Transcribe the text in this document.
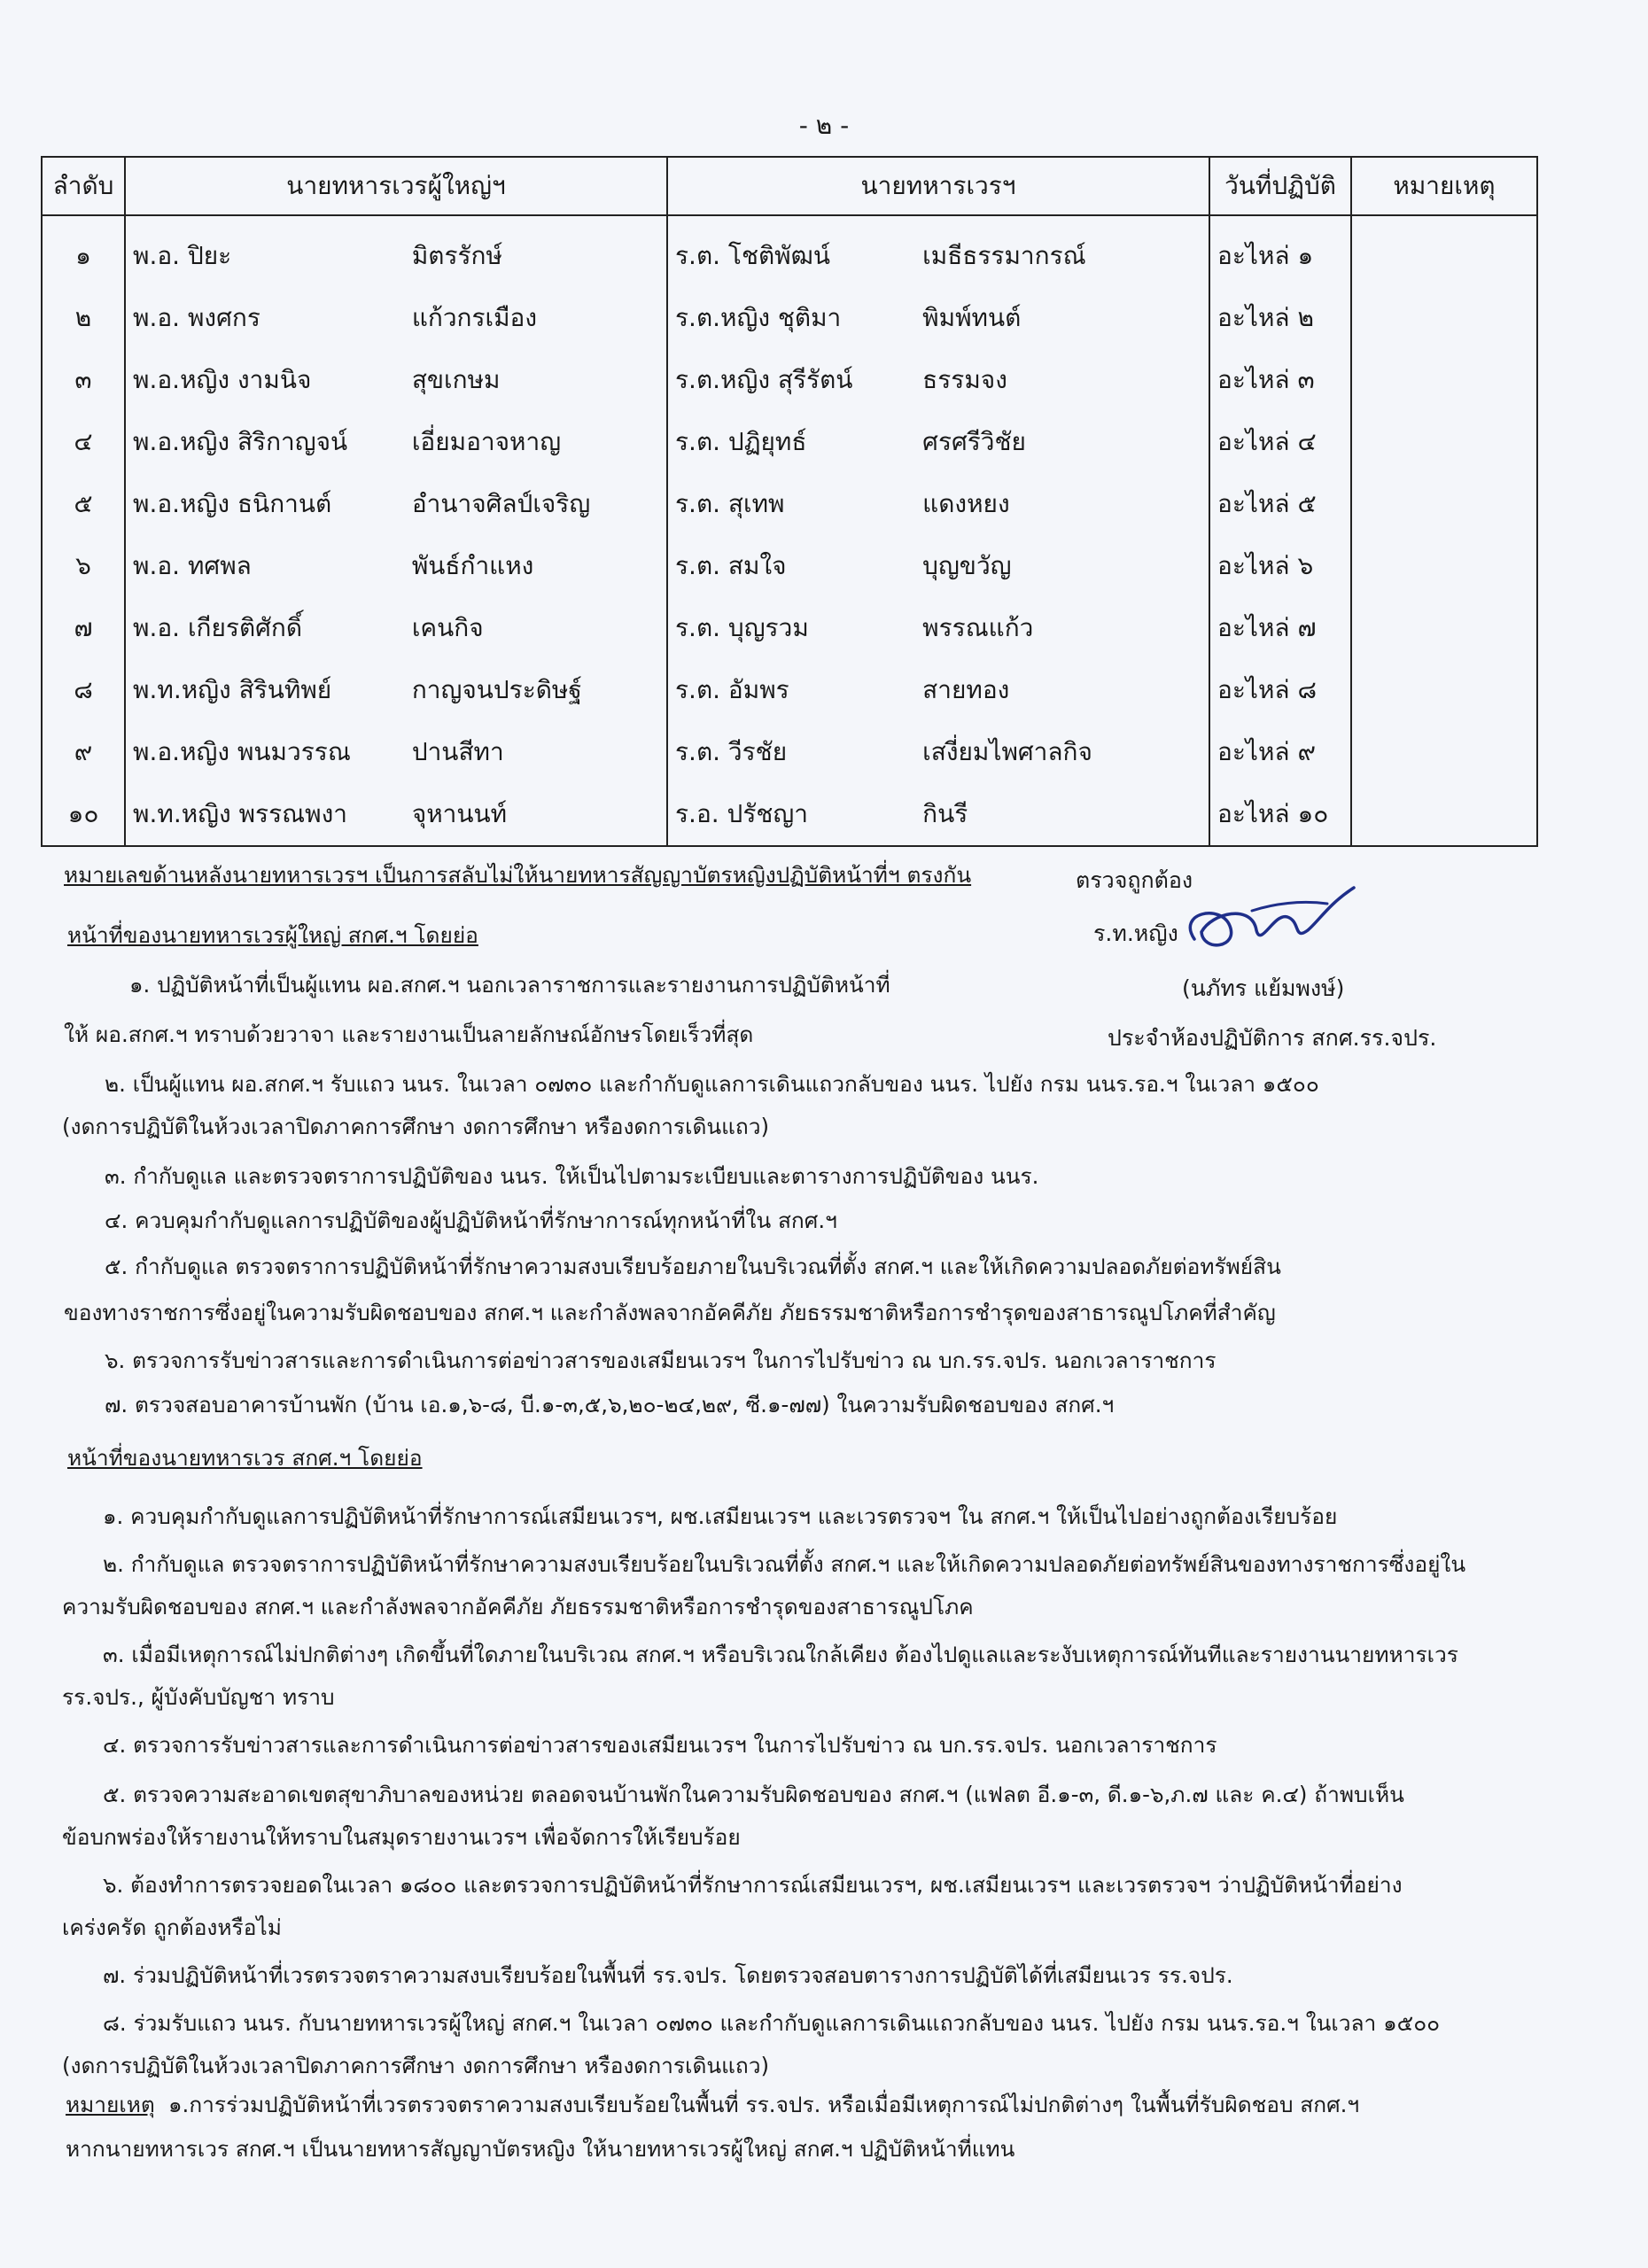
- ๒ -
ลำดับ	นายทหารเวรผู้ใหญ่ฯ	นายทหารเวรฯ	วันที่ปฏิบัติ	หมายเหตุ
๑	พ.อ. ปิยะ มิตรรักษ์	ร.ต. โชติพัฒน์ เมธีธรรมากรณ์	อะไหล่ ๑	
๒	พ.อ. พงศกร แก้วกรเมือง	ร.ต.หญิง ชุติมา พิมพ์ทนต์	อะไหล่ ๒	
๓	พ.อ.หญิง งามนิจ สุขเกษม	ร.ต.หญิง สุรีรัตน์ ธรรมจง	อะไหล่ ๓	
๔	พ.อ.หญิง สิริกาญจน์ เอี่ยมอาจหาญ	ร.ต. ปฏิยุทธ์ ศรศรีวิชัย	อะไหล่ ๔	
๕	พ.อ.หญิง ธนิกานต์ อำนาจศิลป์เจริญ	ร.ต. สุเทพ แดงหยง	อะไหล่ ๕	
๖	พ.อ. ทศพล พันธ์กำแหง	ร.ต. สมใจ บุญขวัญ	อะไหล่ ๖	
๗	พ.อ. เกียรติศักดิ์ เคนกิจ	ร.ต. บุญรวม พรรณแก้ว	อะไหล่ ๗	
๘	พ.ท.หญิง สิรินทิพย์ กาญจนประดิษฐ์	ร.ต. อัมพร สายทอง	อะไหล่ ๘	
๙	พ.อ.หญิง พนมวรรณ ปานสีทา	ร.ต. วีรชัย เสงี่ยมไพศาลกิจ	อะไหล่ ๙	
๑๐	พ.ท.หญิง พรรณพงา จุหานนท์	ร.อ. ปรัชญา กินรี	อะไหล่ ๑๐	
หมายเลขด้านหลังนายทหารเวรฯ เป็นการสลับไม่ให้นายทหารสัญญาบัตรหญิงปฏิบัติหน้าที่ฯ ตรงกัน	ตรวจถูกต้อง
ร.ท.หญิง
(นภัทร แย้มพงษ์)
ประจำห้องปฏิบัติการ สกศ.รร.จปร.
หน้าที่ของนายทหารเวรผู้ใหญ่ สกศ.ฯ โดยย่อ
๑. ปฏิบัติหน้าที่เป็นผู้แทน ผอ.สกศ.ฯ นอกเวลาราชการและรายงานการปฏิบัติหน้าที่
ให้ ผอ.สกศ.ฯ ทราบด้วยวาจา และรายงานเป็นลายลักษณ์อักษรโดยเร็วที่สุด
๒. เป็นผู้แทน ผอ.สกศ.ฯ รับแถว นนร. ในเวลา ๐๗๓๐ และกำกับดูแลการเดินแถวกลับของ นนร. ไปยัง กรม นนร.รอ.ฯ ในเวลา ๑๕๐๐
(งดการปฏิบัติในห้วงเวลาปิดภาคการศึกษา งดการศึกษา หรืองดการเดินแถว)
๓. กำกับดูแล และตรวจตราการปฏิบัติของ นนร. ให้เป็นไปตามระเบียบและตารางการปฏิบัติของ นนร.
๔. ควบคุมกำกับดูแลการปฏิบัติของผู้ปฏิบัติหน้าที่รักษาการณ์ทุกหน้าที่ใน สกศ.ฯ
๕. กำกับดูแล ตรวจตราการปฏิบัติหน้าที่รักษาความสงบเรียบร้อยภายในบริเวณที่ตั้ง สกศ.ฯ และให้เกิดความปลอดภัยต่อทรัพย์สิน
ของทางราชการซึ่งอยู่ในความรับผิดชอบของ สกศ.ฯ และกำลังพลจากอัคคีภัย ภัยธรรมชาติหรือการชำรุดของสาธารณูปโภคที่สำคัญ
๖. ตรวจการรับข่าวสารและการดำเนินการต่อข่าวสารของเสมียนเวรฯ ในการไปรับข่าว ณ บก.รร.จปร. นอกเวลาราชการ
๗. ตรวจสอบอาคารบ้านพัก (บ้าน เอ.๑,๖-๘, บี.๑-๓,๕,๖,๒๐-๒๔,๒๙, ซี.๑-๗๗) ในความรับผิดชอบของ สกศ.ฯ
หน้าที่ของนายทหารเวร สกศ.ฯ โดยย่อ
๑. ควบคุมกำกับดูแลการปฏิบัติหน้าที่รักษาการณ์เสมียนเวรฯ, ผช.เสมียนเวรฯ และเวรตรวจฯ ใน สกศ.ฯ ให้เป็นไปอย่างถูกต้องเรียบร้อย
๒. กำกับดูแล ตรวจตราการปฏิบัติหน้าที่รักษาความสงบเรียบร้อยในบริเวณที่ตั้ง สกศ.ฯ และให้เกิดความปลอดภัยต่อทรัพย์สินของทางราชการซึ่งอยู่ใน
ความรับผิดชอบของ สกศ.ฯ และกำลังพลจากอัคคีภัย ภัยธรรมชาติหรือการชำรุดของสาธารณูปโภค
๓. เมื่อมีเหตุการณ์ไม่ปกติต่างๆ เกิดขึ้นที่ใดภายในบริเวณ สกศ.ฯ หรือบริเวณใกล้เคียง ต้องไปดูแลและระงับเหตุการณ์ทันทีและรายงานนายทหารเวร
รร.จปร., ผู้บังคับบัญชา ทราบ
๔. ตรวจการรับข่าวสารและการดำเนินการต่อข่าวสารของเสมียนเวรฯ ในการไปรับข่าว ณ บก.รร.จปร. นอกเวลาราชการ
๕. ตรวจความสะอาดเขตสุขาภิบาลของหน่วย ตลอดจนบ้านพักในความรับผิดชอบของ สกศ.ฯ (แฟลต อี.๑-๓, ดี.๑-๖,ภ.๗ และ ค.๔) ถ้าพบเห็น
ข้อบกพร่องให้รายงานให้ทราบในสมุดรายงานเวรฯ เพื่อจัดการให้เรียบร้อย
๖. ต้องทำการตรวจยอดในเวลา ๑๘๐๐ และตรวจการปฏิบัติหน้าที่รักษาการณ์เสมียนเวรฯ, ผช.เสมียนเวรฯ และเวรตรวจฯ ว่าปฏิบัติหน้าที่อย่าง
เคร่งครัด ถูกต้องหรือไม่
๗. ร่วมปฏิบัติหน้าที่เวรตรวจตราความสงบเรียบร้อยในพื้นที่ รร.จปร. โดยตรวจสอบตารางการปฏิบัติได้ที่เสมียนเวร รร.จปร.
๘. ร่วมรับแถว นนร. กับนายทหารเวรผู้ใหญ่ สกศ.ฯ ในเวลา ๐๗๓๐ และกำกับดูแลการเดินแถวกลับของ นนร. ไปยัง กรม นนร.รอ.ฯ ในเวลา ๑๕๐๐
(งดการปฏิบัติในห้วงเวลาปิดภาคการศึกษา งดการศึกษา หรืองดการเดินแถว)
หมายเหตุ ๑.การร่วมปฏิบัติหน้าที่เวรตรวจตราความสงบเรียบร้อยในพื้นที่ รร.จปร. หรือเมื่อมีเหตุการณ์ไม่ปกติต่างๆ ในพื้นที่รับผิดชอบ สกศ.ฯ
หากนายทหารเวร สกศ.ฯ เป็นนายทหารสัญญาบัตรหญิง ให้นายทหารเวรผู้ใหญ่ สกศ.ฯ ปฏิบัติหน้าที่แทน
